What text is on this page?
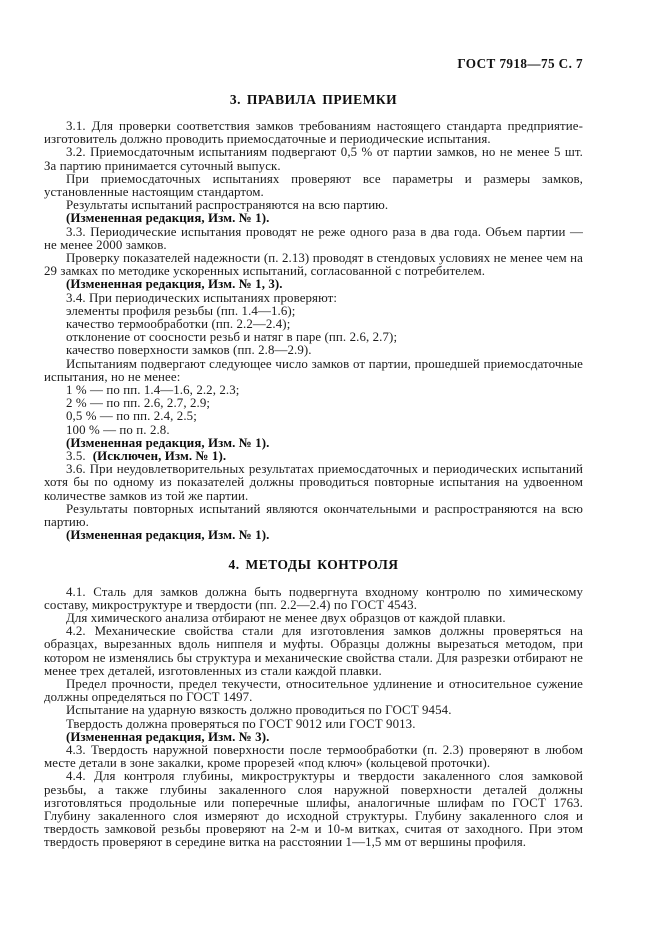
ГОСТ 7918—75 С. 7
3. ПРАВИЛА ПРИЕМКИ

3.1. Для проверки соответствия замков требованиям настоящего стандарта предприятие-изготовитель должно проводить приемосдаточные и периодические испытания.

3.2. Приемосдаточным испытаниям подвергают 0,5 % от партии замков, но не менее 5 шт. За партию принимается суточный выпуск.

При приемосдаточных испытаниях проверяют все параметры и размеры замков, установленные настоящим стандартом.

Результаты испытаний распространяются на всю партию.

(Измененная редакция, Изм. № 1).

3.3. Периодические испытания проводят не реже одного раза в два года. Объем партии — не менее 2000 замков.

Проверку показателей надежности (п. 2.13) проводят в стендовых условиях не менее чем на 29 замках по методике ускоренных испытаний, согласованной с потребителем.

(Измененная редакция, Изм. № 1, 3).

3.4. При периодических испытаниях проверяют:

элементы профиля резьбы (пп. 1.4—1.6);

качество термообработки (пп. 2.2—2.4);

отклонение от соосности резьб и натяг в паре (пп. 2.6, 2.7);

качество поверхности замков (пп. 2.8—2.9).

Испытаниям подвергают следующее число замков от партии, прошедшей приемосдаточные испытания, но не менее:

1 % — по пп. 1.4—1.6, 2.2, 2.3;

2 % — по пп. 2.6, 2.7, 2.9;

0,5 % — по пп. 2.4, 2.5;

100 % — по п. 2.8.

(Измененная редакция, Изм. № 1).

3.5. (Исключен, Изм. № 1).

3.6. При неудовлетворительных результатах приемосдаточных и периодических испытаний хотя бы по одному из показателей должны проводиться повторные испытания на удвоенном количестве замков из той же партии.

Результаты повторных испытаний являются окончательными и распространяются на всю партию.

(Измененная редакция, Изм. № 1).

4. МЕТОДЫ КОНТРОЛЯ

4.1. Сталь для замков должна быть подвергнута входному контролю по химическому составу, микроструктуре и твердости (пп. 2.2—2.4) по ГОСТ 4543.

Для химического анализа отбирают не менее двух образцов от каждой плавки.

4.2. Механические свойства стали для изготовления замков должны проверяться на образцах, вырезанных вдоль ниппеля и муфты. Образцы должны вырезаться методом, при котором не изменялись бы структура и механические свойства стали. Для разрезки отбирают не менее трех деталей, изготовленных из стали каждой плавки.

Предел прочности, предел текучести, относительное удлинение и относительное сужение должны определяться по ГОСТ 1497.

Испытание на ударную вязкость должно проводиться по ГОСТ 9454.

Твердость должна проверяться по ГОСТ 9012 или ГОСТ 9013.

(Измененная редакция, Изм. № 3).

4.3. Твердость наружной поверхности после термообработки (п. 2.3) проверяют в любом месте детали в зоне закалки, кроме прорезей «под ключ» (кольцевой проточки).

4.4. Для контроля глубины, микроструктуры и твердости закаленного слоя замковой резьбы, а также глубины закаленного слоя наружной поверхности деталей должны изготовляться продольные или поперечные шлифы, аналогичные шлифам по ГОСТ 1763. Глубину закаленного слоя измеряют до исходной структуры. Глубину закаленного слоя и твердость замковой резьбы проверяют на 2-м и 10-м витках, считая от заходного. При этом твердость проверяют в середине витка на расстоянии 1—1,5 мм от вершины профиля.
